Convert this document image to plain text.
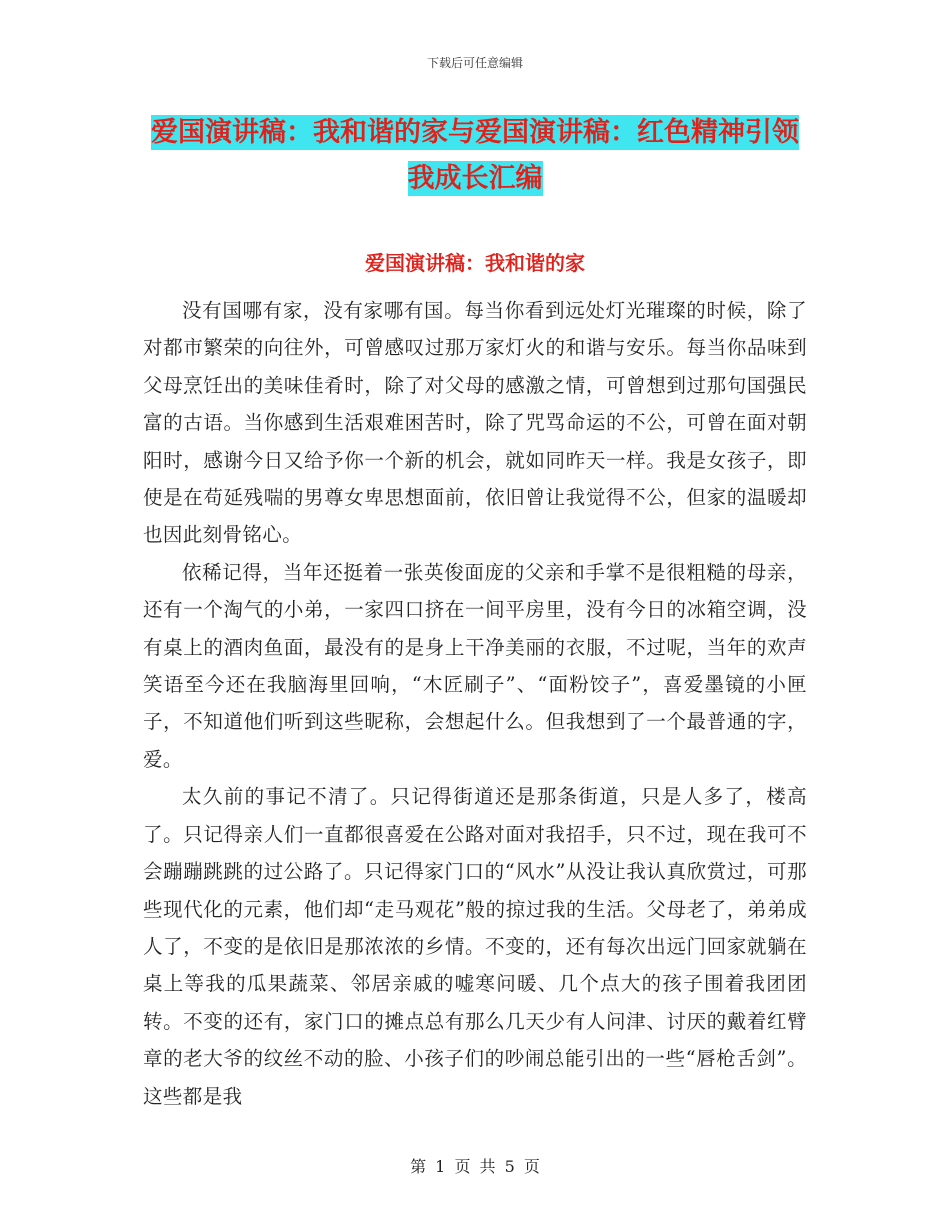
下载后可任意编辑
爱国演讲稿：我和谐的家与爱国演讲稿：红色精神引领我成长汇编
爱国演讲稿：我和谐的家

没有国哪有家，没有家哪有国。每当你看到远处灯光璀璨的时候，除了对都市繁荣的向往外，可曾感叹过那万家灯火的和谐与安乐。每当你品味到父母烹饪出的美味佳肴时，除了对父母的感激之情，可曾想到过那句国强民富的古语。当你感到生活艰难困苦时，除了咒骂命运的不公，可曾在面对朝阳时，感谢今日又给予你一个新的机会，就如同昨天一样。我是女孩子，即使是在苟延残喘的男尊女卑思想面前，依旧曾让我觉得不公，但家的温暖却也因此刻骨铭心。

依稀记得，当年还挺着一张英俊面庞的父亲和手掌不是很粗糙的母亲，还有一个淘气的小弟，一家四口挤在一间平房里，没有今日的冰箱空调，没有桌上的酒肉鱼面，最没有的是身上干净美丽的衣服，不过呢，当年的欢声笑语至今还在我脑海里回响，“木匠刷子”、“面粉饺子”，喜爱墨镜的小匣子，不知道他们听到这些昵称，会想起什么。但我想到了一个最普通的字，爱。

太久前的事记不清了。只记得街道还是那条街道，只是人多了，楼高了。只记得亲人们一直都很喜爱在公路对面对我招手，只不过，现在我可不会蹦蹦跳跳的过公路了。只记得家门口的“风水”从没让我认真欣赏过，可那些现代化的元素，他们却“走马观花”般的掠过我的生活。父母老了，弟弟成人了，不变的是依旧是那浓浓的乡情。不变的，还有每次出远门回家就躺在桌上等我的瓜果蔬菜、邻居亲戚的嘘寒问暖、几个点大的孩子围着我团团转。不变的还有，家门口的摊点总有那么几天少有人问津、讨厌的戴着红臂章的老大爷的纹丝不动的脸、小孩子们的吵闹总能引出的一些“唇枪舌剑”。这些都是我

第 1 页 共 5 页
